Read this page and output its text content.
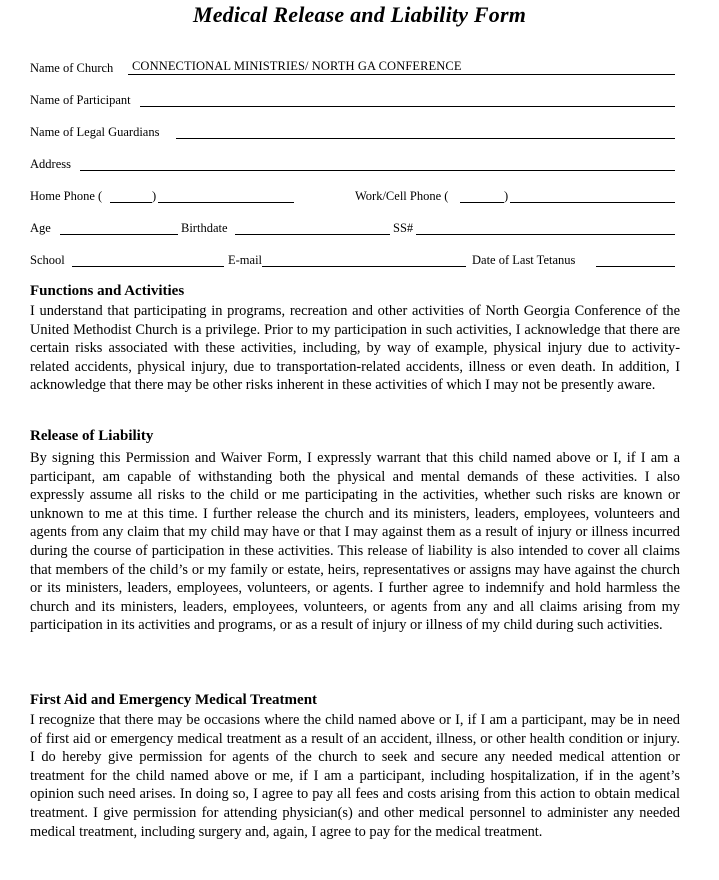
Medical Release and Liability Form
Name of Church CONNECTIONAL MINISTRIES/ NORTH GA CONFERENCE
Name of Participant
Name of Legal Guardians
Address
Home Phone (	)	Work/Cell Phone (	)
Age	Birthdate	SS#
School	E-mail	Date of Last Tetanus
Functions and Activities

I understand that participating in programs, recreation and other activities of North Georgia Conference of the United Methodist Church is a privilege. Prior to my participation in such activities, I acknowledge that there are certain risks associated with these activities, including, by way of example, physical injury due to activity-related accidents, physical injury, due to transportation-related accidents, illness or even death. In addition, I acknowledge that there may be other risks inherent in these activities of which I may not be presently aware.

Release of Liability

By signing this Permission and Waiver Form, I expressly warrant that this child named above or I, if I am a participant, am capable of withstanding both the physical and mental demands of these activities. I also expressly assume all risks to the child or me participating in the activities, whether such risks are known or unknown to me at this time. I further release the church and its ministers, leaders, employees, volunteers and agents from any claim that my child may have or that I may against them as a result of injury or illness incurred during the course of participation in these activities. This release of liability is also intended to cover all claims that members of the child’s or my family or estate, heirs, representatives or assigns may have against the church or its ministers, leaders, employees, volunteers, or agents. I further agree to indemnify and hold harmless the church and its ministers, leaders, employees, volunteers, or agents from any and all claims arising from my participation in its activities and programs, or as a result of injury or illness of my child during such activities.

First Aid and Emergency Medical Treatment

I recognize that there may be occasions where the child named above or I, if I am a participant, may be in need of first aid or emergency medical treatment as a result of an accident, illness, or other health condition or injury. I do hereby give permission for agents of the church to seek and secure any needed medical attention or treatment for the child named above or me, if I am a participant, including hospitalization, if in the agent’s opinion such need arises. In doing so, I agree to pay all fees and costs arising from this action to obtain medical treatment. I give permission for attending physician(s) and other medical personnel to administer any needed medical treatment, including surgery and, again, I agree to pay for the medical treatment.
